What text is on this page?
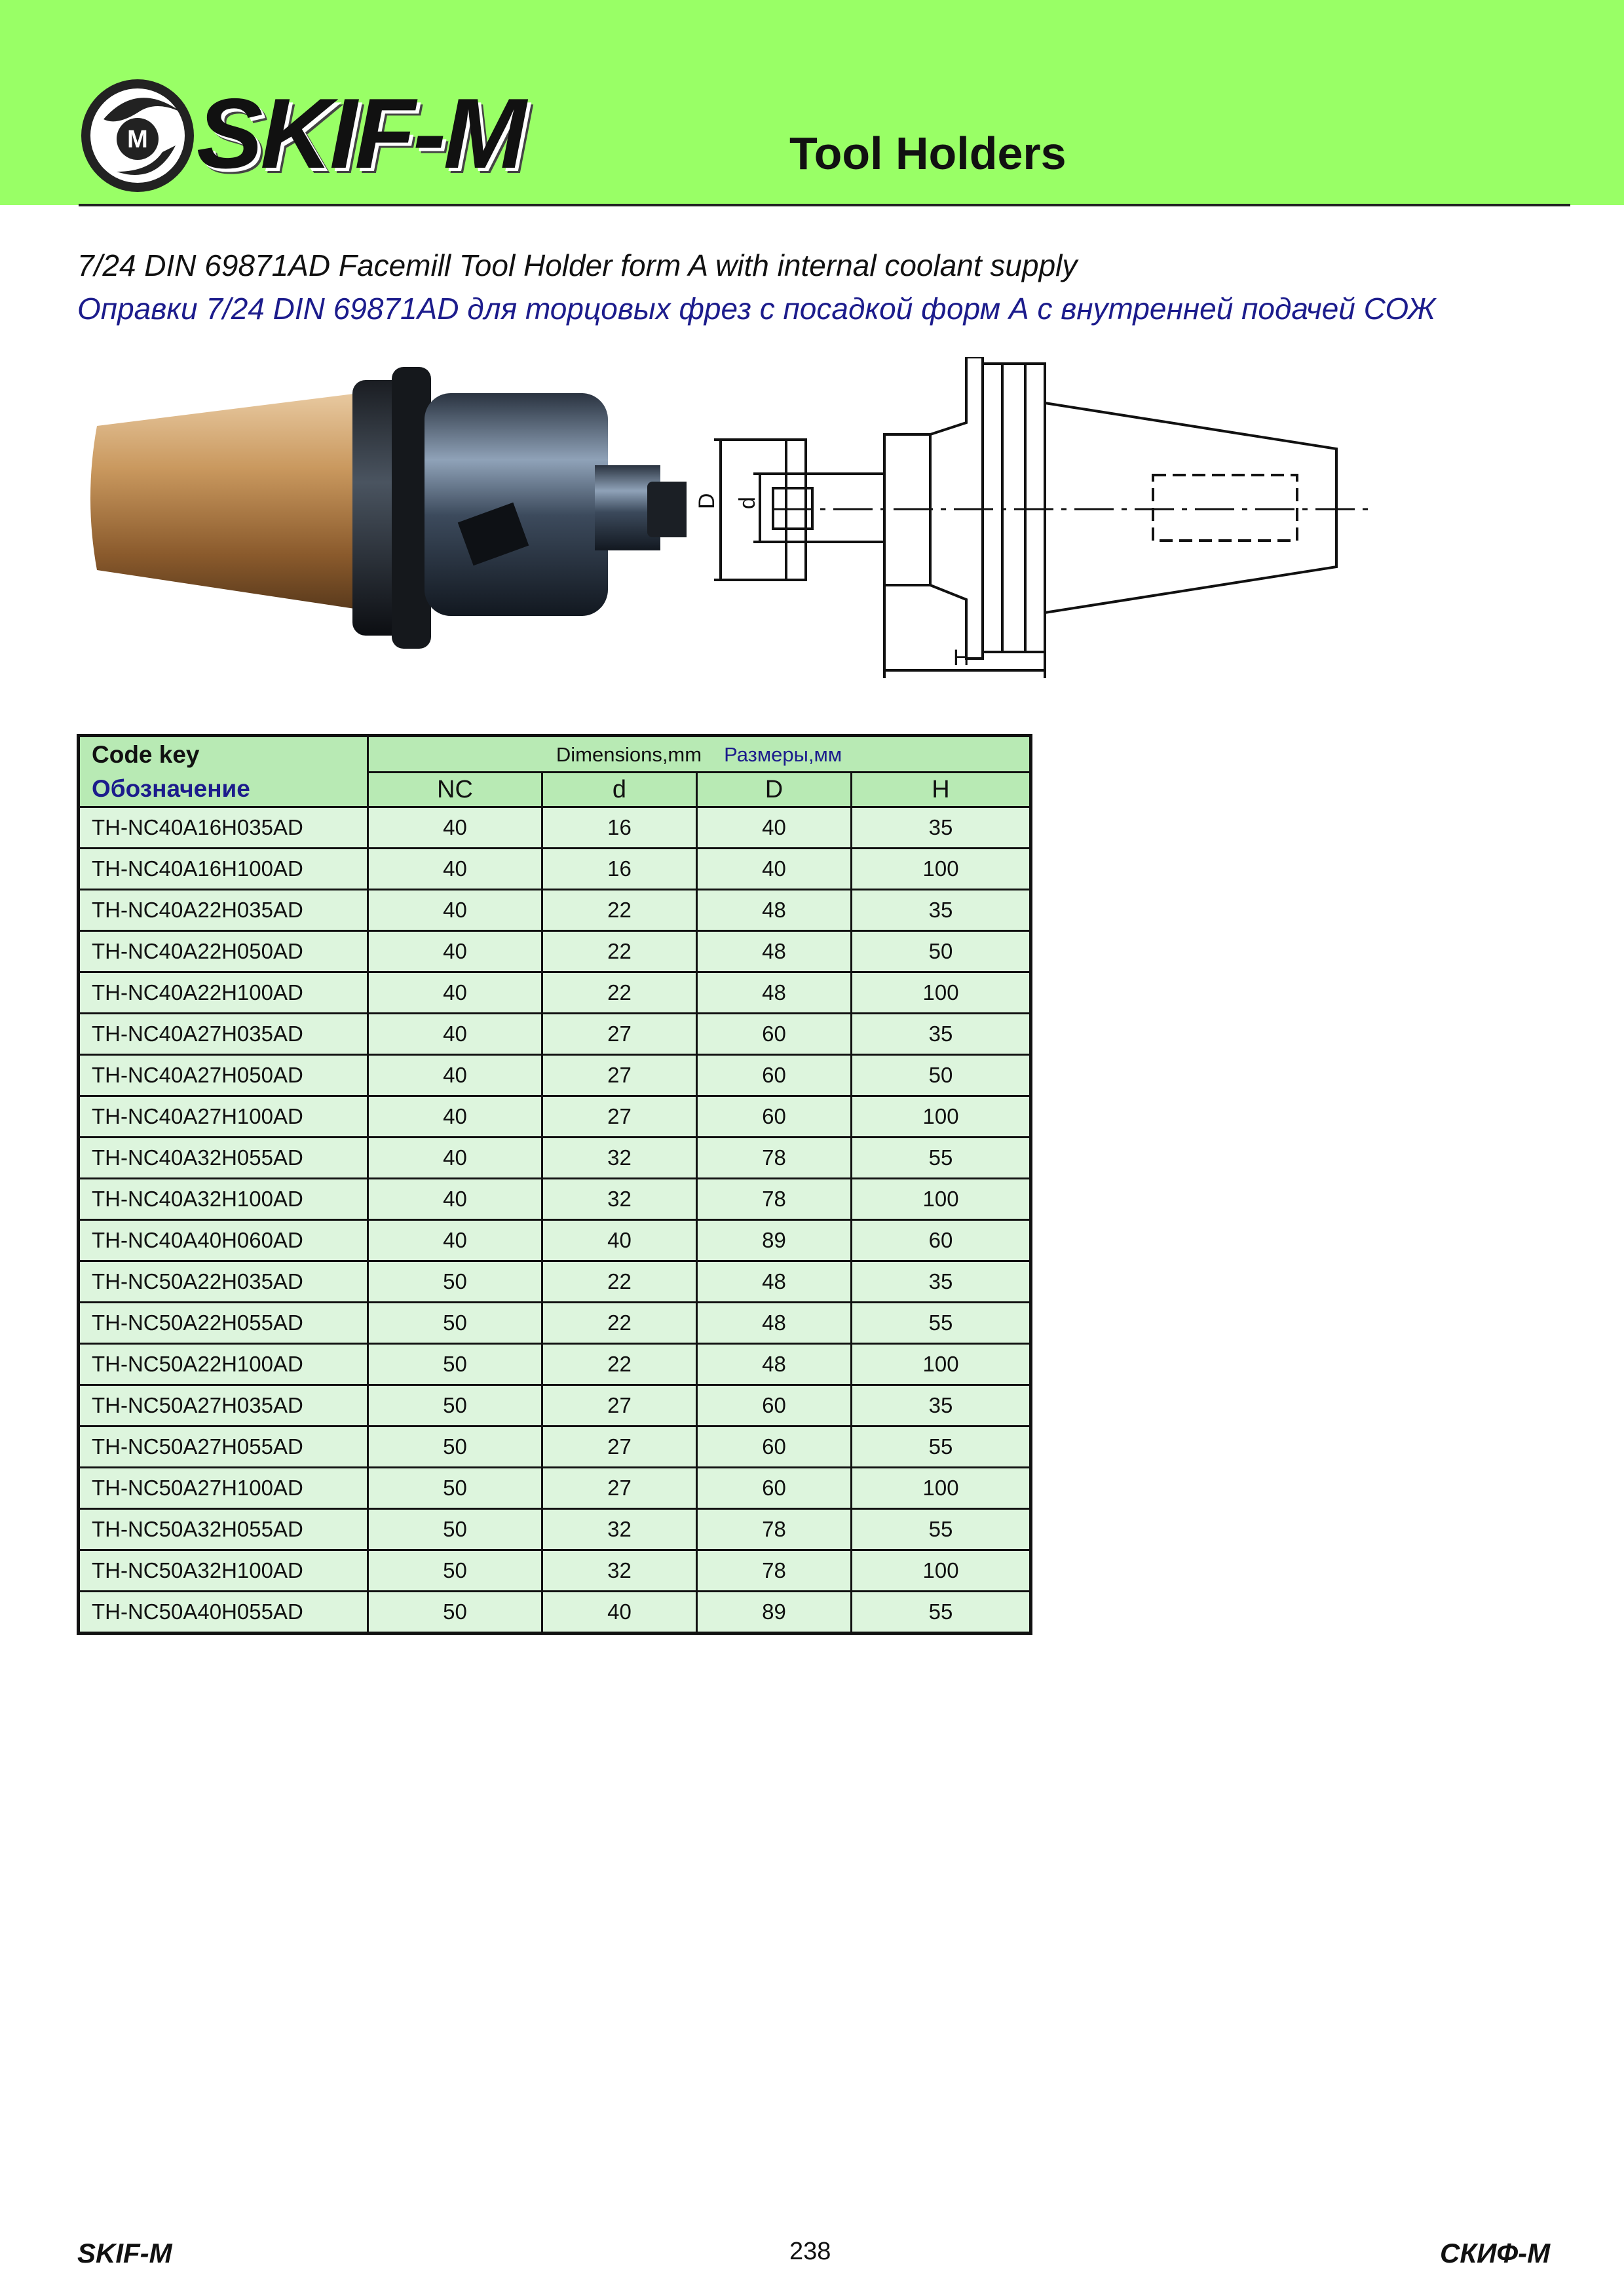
M SKIF-M	Tool Holders
7/24 DIN 69871AD Facemill Tool Holder form A with internal coolant supply
Оправки 7/24 DIN 69871AD для торцовых фрез с посадкой форм А с внутренней подачей СОЖ
D d
H
Code key
Обозначение	Dimensions,mm Размеры,мм			
	NC	d	D	H
TH-NC40A16H035AD	40	16	40	35
TH-NC40A16H100AD	40	16	40	100
TH-NC40A22H035AD	40	22	48	35
TH-NC40A22H050AD	40	22	48	50
TH-NC40A22H100AD	40	22	48	100
TH-NC40A27H035AD	40	27	60	35
TH-NC40A27H050AD	40	27	60	50
TH-NC40A27H100AD	40	27	60	100
TH-NC40A32H055AD	40	32	78	55
TH-NC40A32H100AD	40	32	78	100
TH-NC40A40H060AD	40	40	89	60
TH-NC50A22H035AD	50	22	48	35
TH-NC50A22H055AD	50	22	48	55
TH-NC50A22H100AD	50	22	48	100
TH-NC50A27H035AD	50	27	60	35
TH-NC50A27H055AD	50	27	60	55
TH-NC50A27H100AD	50	27	60	100
TH-NC50A32H055AD	50	32	78	55
TH-NC50A32H100AD	50	32	78	100
TH-NC50A40H055AD	50	40	89	55
SKIF-M	238	СКИФ-М
